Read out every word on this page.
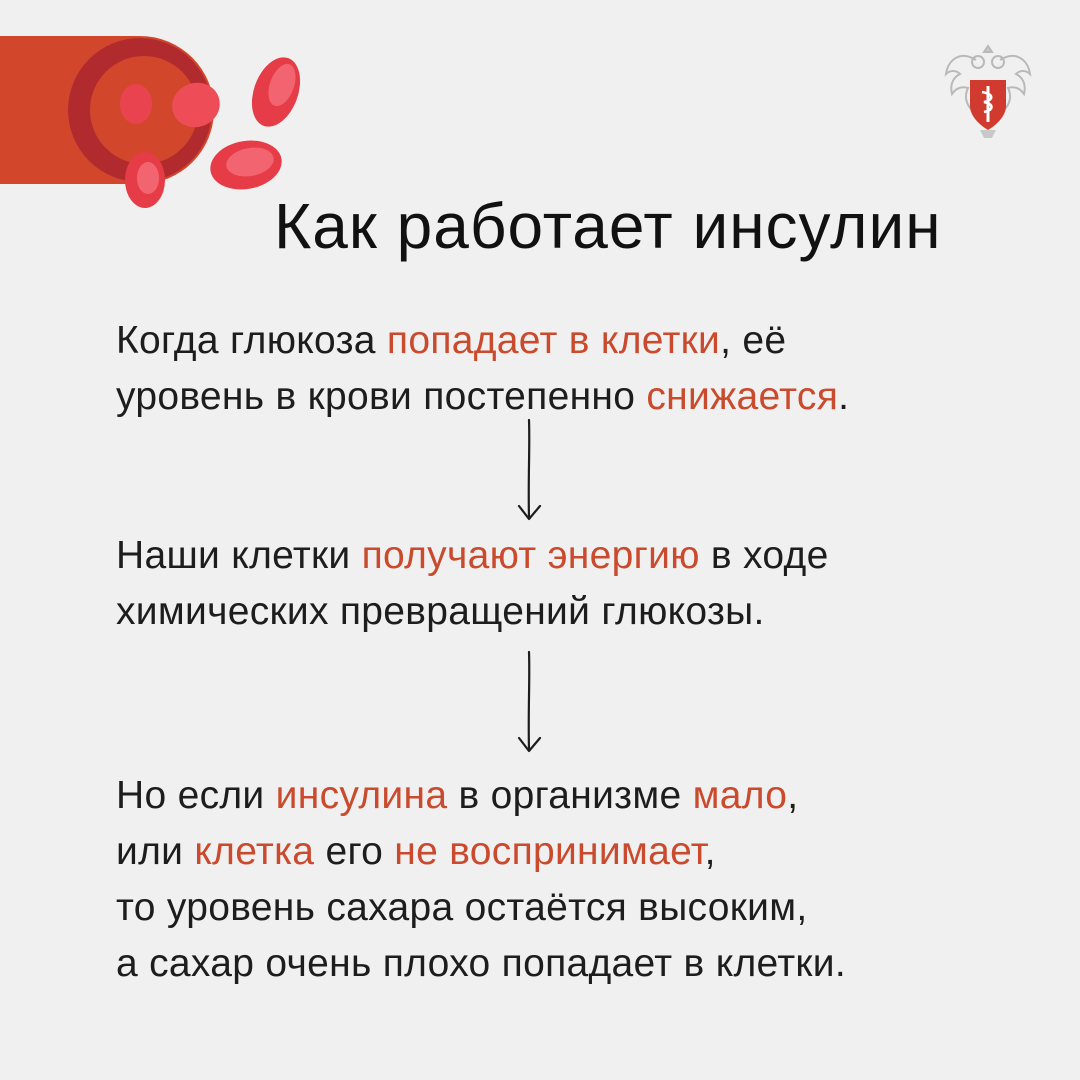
Как работает инсулин
Когда глюкоза попадает в клетки, её
уровень в крови постепенно снижается.
Наши клетки получают энергию в ходе
химических превращений глюкозы.
Но если инсулина в организме мало,
или клетка его не воспринимает,
то уровень сахара остаётся высоким,
а сахар очень плохо попадает в клетки.
